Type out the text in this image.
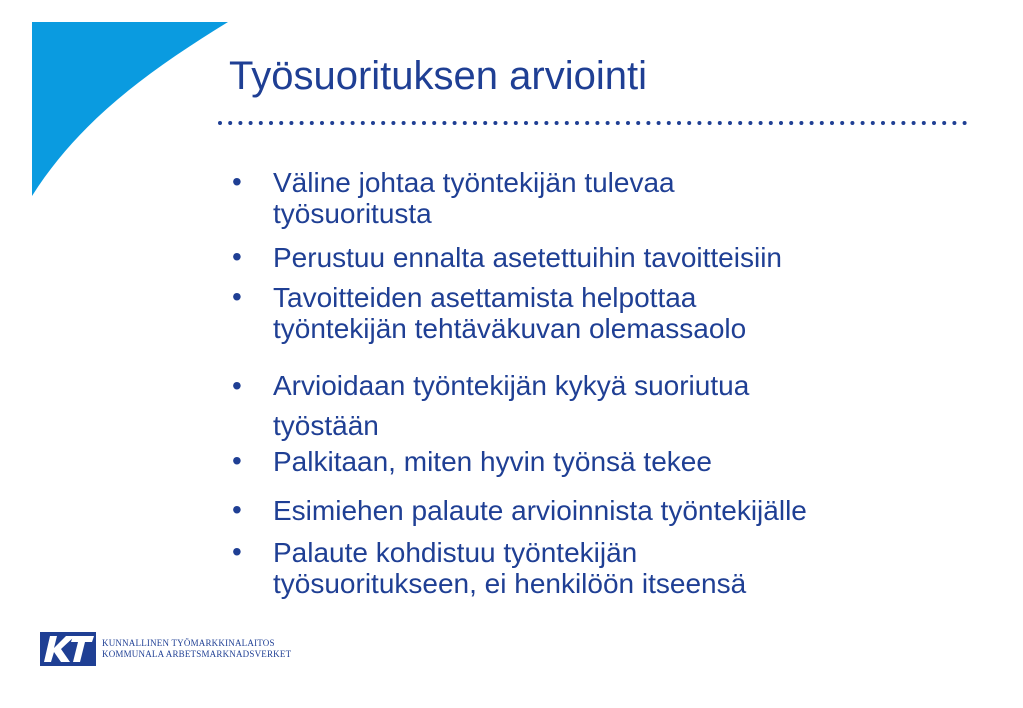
Työsuorituksen arviointi
• Väline johtaa työntekijän tulevaa
työsuoritusta
• Perustuu ennalta asetettuihin tavoitteisiin
• Tavoitteiden asettamista helpottaa
työntekijän tehtäväkuvan olemassaolo
• Arvioidaan työntekijän kykyä suoriutua
työstään
• Palkitaan, miten hyvin työnsä tekee
• Esimiehen palaute arvioinnista työntekijälle
• Palaute kohdistuu työntekijän
työsuoritukseen, ei henkilöön itseensä
KUNNALLINEN TYÖMARKKINALAITOS
KOMMUNALA ARBETSMARKNADSVERKET
